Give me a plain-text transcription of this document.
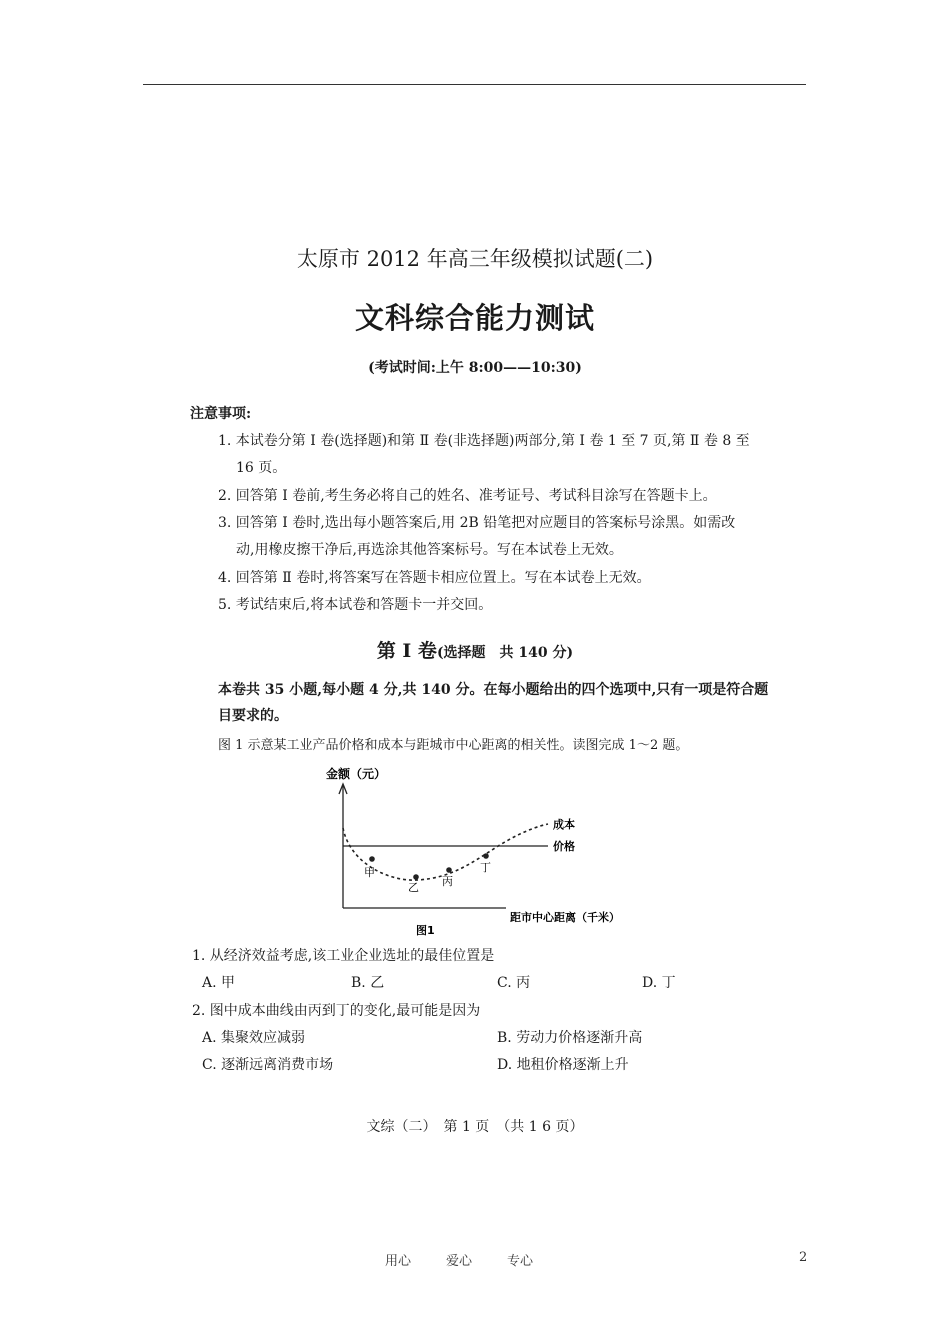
太原市 2012 年高三年级模拟试题(二)
文科综合能力测试
(考试时间:上午 8:00——10:30)
注意事项:
1. 本试卷分第 Ⅰ 卷(选择题)和第 Ⅱ 卷(非选择题)两部分,第 Ⅰ 卷 1 至 7 页,第 Ⅱ 卷 8 至
16 页。
2. 回答第 Ⅰ 卷前,考生务必将自己的姓名、准考证号、考试科目涂写在答题卡上。
3. 回答第 Ⅰ 卷时,选出每小题答案后,用 2B 铅笔把对应题目的答案标号涂黑。如需改
动,用橡皮擦干净后,再选涂其他答案标号。写在本试卷上无效。
4. 回答第 Ⅱ 卷时,将答案写在答题卡相应位置上。写在本试卷上无效。
5. 考试结束后,将本试卷和答题卡一并交回。
第 Ⅰ 卷(选择题　共 140 分)
本卷共 35 小题,每小题 4 分,共 140 分。在每小题给出的四个选项中,只有一项是符合题目要求的。
图 1 示意某工业产品价格和成本与距城市中心距离的相关性。读图完成 1～2 题。
金额（元）
距市中心距离（千米）
价格
成本
甲
乙 丙
丁
图1
1. 从经济效益考虑,该工业企业选址的最佳位置是
A. 甲	B. 乙	C. 丙	D. 丁
2. 图中成本曲线由丙到丁的变化,最可能是因为
A. 集聚效应减弱	B. 劳动力价格逐渐升高
C. 逐渐远离消费市场	D. 地租价格逐渐上升
文综（二）　第 1 页　（共 1 6 页）
用心	爱心	专心	2
